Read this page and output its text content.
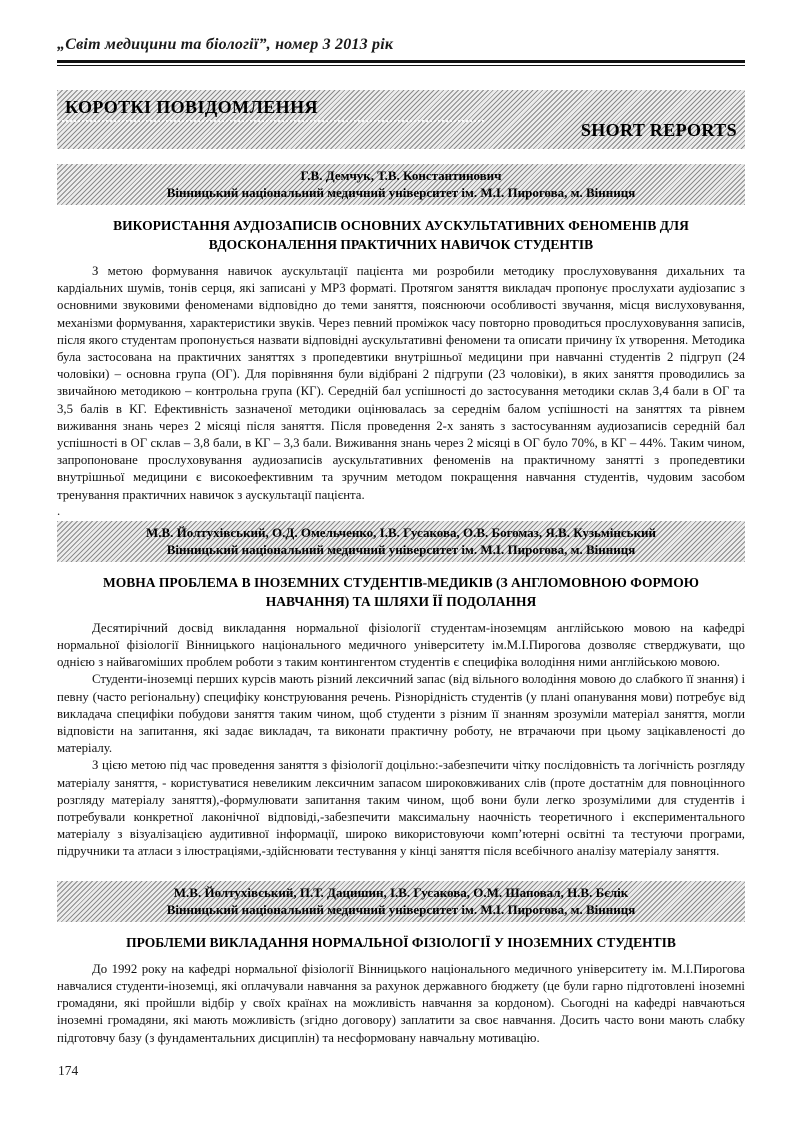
„Світ медицини та біології”, номер 3 2013 рік
КОРОТКІ ПОВІДОМЛЕННЯ
SHORT REPORTS
Г.В. Демчук, Т.В. Константинович
Вінницький національний медичний університет ім. М.І. Пирогова, м. Вінниця
ВИКОРИСТАННЯ АУДІОЗАПИСІВ ОСНОВНИХ АУСКУЛЬТАТИВНИХ ФЕНОМЕНІВ ДЛЯ ВДОСКОНАЛЕННЯ ПРАКТИЧНИХ НАВИЧОК СТУДЕНТІВ

З метою формування навичок аускультації пацієнта ми розробили методику прослуховування дихальних та кардіальних шумів, тонів серця, які записані у МР3 форматі. Протягом заняття викладач пропонує прослухати аудіозапис з основними звуковими феноменами відповідно до теми заняття, пояснюючи особливості звучання, місця вислуховування, механізми формування, характеристики звуків. Через певний проміжок часу повторно проводиться прослуховування записів, після якого студентам пропонується назвати відповідні аускультативні феномени та описати причину їх утворення. Методика була застосована на практичних заняттях з пропедевтики внутрішньої медицини при навчанні студентів 2 підгруп (24 чоловіки) – основна група (ОГ). Для порівняння були відібрані 2 підгрупи (23 чоловіки), в яких заняття проводились за звичайною методикою – контрольна група (КГ). Середній бал успішності до застосування методики склав 3,4 бали в ОГ та 3,5 балів в КГ. Ефективність зазначеної методики оцінювалась за середнім балом успішності на заняттях та рівнем виживання знань через 2 місяці після заняття. Після проведення 2-х занять з застосуванням аудиозаписів середній бал успішності в ОГ склав – 3,8 бали, в КГ – 3,3 бали. Виживання знань через 2 місяці в ОГ було 70%, в КГ – 44%. Таким чином, запропоноване прослуховування аудиозаписів аускультативних феноменів на практичному занятті з пропедевтики внутрішньої медицини є високоефективним та зручним методом покращення навчання студентів, чудовим засобом тренування практичних навичок з аускультації пацієнта.

.
М.В. Йолтухівський, О.Д. Омельченко, І.В. Гусакова, О.В. Богомаз, Я.В. Кузьмінський
Вінницький національний медичний університет ім. М.І. Пирогова, м. Вінниця
МОВНА ПРОБЛЕМА В ІНОЗЕМНИХ СТУДЕНТІВ-МЕДИКІВ (З АНГЛОМОВНОЮ ФОРМОЮ НАВЧАННЯ) ТА ШЛЯХИ ЇЇ ПОДОЛАННЯ

Десятирічний досвід викладання нормальної фізіології студентам-іноземцям англійською мовою на кафедрі нормальної фізіології Вінницького національного медичного університету ім.М.І.Пирогова дозволяє стверджувати, що однією з найвагоміших проблем роботи з таким контингентом студентів є специфіка володіння ними англійською мовою.

Студенти-іноземці перших курсів мають різний лексичний запас (від вільного володіння мовою до слабкого її знання) і певну (часто регіональну) специфіку конструювання речень. Різнорідність студентів (у плані опанування мови) потребує від викладача специфіки побудови заняття таким чином, щоб студенти з різним її знанням зрозуміли матеріал заняття, могли відповісти на запитання, які задає викладач, та виконати практичну роботу, не втрачаючи при цьому зацікавленості до матеріалу.

З цією метою під час проведення заняття з фізіології доцільно:-забезпечити чітку послідовність та логічність розгляду матеріалу заняття, - користуватися невеликим лексичним запасом широковживаних слів (проте достатнім для повноцінного розгляду матеріалу заняття),-формулювати запитання таким чином, щоб вони були легко зрозумілими для студентів і потребували конкретної лаконічної відповіді,-забезпечити максимальну наочність теоретичного і експериментального матеріалу з візуалізацією аудитивної інформації, широко використовуючи комп’ютерні освітні та тестуючи програми, підручники та атласи з ілюстраціями,-здійснювати тестування у кінці заняття після всебічного аналізу матеріалу заняття.

М.В. Йолтухівський, П.Т. Дацишин, І.В. Гусакова, О.М. Шаповал, Н.В. Бєлік
Вінницький національний медичний університет ім. М.І. Пирогова, м. Вінниця
ПРОБЛЕМИ ВИКЛАДАННЯ НОРМАЛЬНОЇ ФІЗІОЛОГІЇ У ІНОЗЕМНИХ СТУДЕНТІВ

До 1992 року на кафедрі нормальної фізіології Вінницького національного медичного університету ім. М.І.Пирогова навчалися студенти-іноземці, які оплачували навчання за рахунок державного бюджету (це були гарно підготовлені іноземні громадяни, які пройшли відбір у своїх країнах на можливість навчання за кордоном). Сьогодні на кафедрі навчаються іноземні громадяни, які мають можливість (згідно договору) заплатити за своє навчання. Досить часто вони мають слабку підготовчу базу (з фундаментальних дисциплін) та несформовану навчальну мотивацію.

174
